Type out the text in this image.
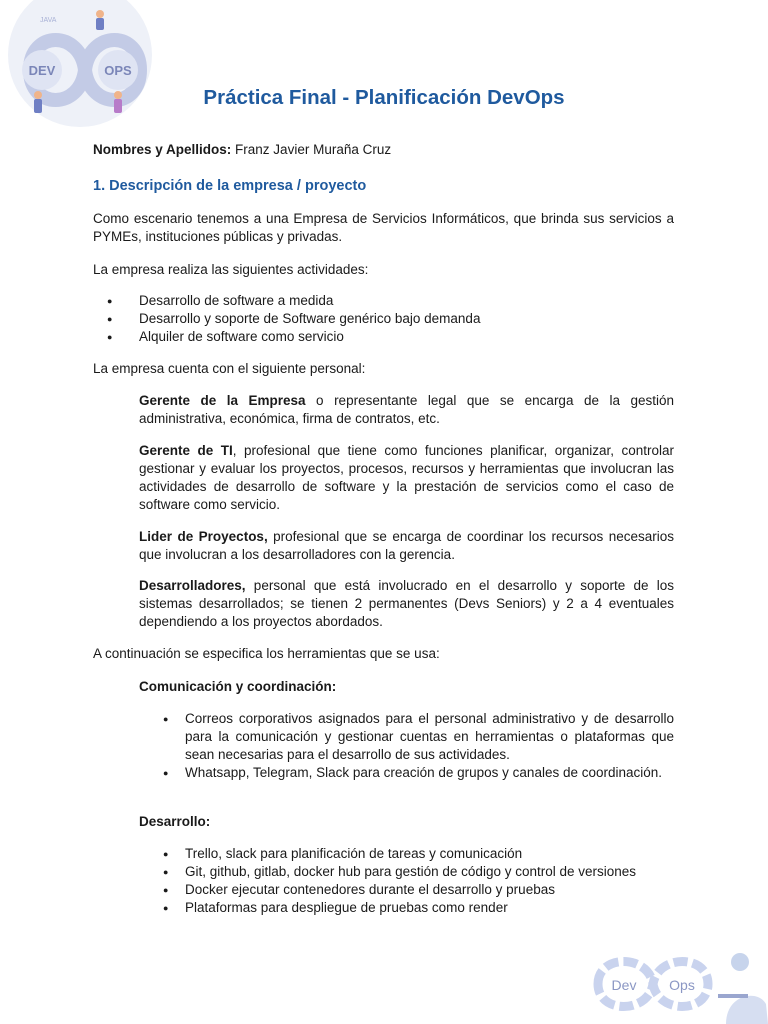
DEV	OPS
JAVA
Práctica Final - Planificación DevOps
Nombres y Apellidos: Franz Javier Muraña Cruz
1. Descripción de la empresa / proyecto

Como escenario tenemos a una Empresa de Servicios Informáticos, que brinda sus servicios a PYMEs, instituciones públicas y privadas.

La empresa realiza las siguientes actividades:
● Desarrollo de software a medida
● Desarrollo y soporte de Software genérico bajo demanda
● Alquiler de software como servicio
La empresa cuenta con el siguiente personal:
Gerente de la Empresa o representante legal que se encarga de la gestión administrativa, económica, firma de contratos, etc.
Gerente de TI, profesional que tiene como funciones planificar, organizar, controlar gestionar y evaluar los proyectos, procesos, recursos y herramientas que involucran las actividades de desarrollo de software y la prestación de servicios como el caso de software como servicio.
Lider de Proyectos, profesional que se encarga de coordinar los recursos necesarios que involucran a los desarrolladores con la gerencia.
Desarrolladores, personal que está involucrado en el desarrollo y soporte de los sistemas desarrollados; se tienen 2 permanentes (Devs Seniors) y 2 a 4 eventuales dependiendo a los proyectos abordados.
A continuación se especifica los herramientas que se usa:
Comunicación y coordinación:
● Correos corporativos asignados para el personal administrativo y de desarrollo para la comunicación y gestionar cuentas en herramientas o plataformas que sean necesarias para el desarrollo de sus actividades.
● Whatsapp, Telegram, Slack para creación de grupos y canales de coordinación.
Desarrollo:
● Trello, slack para planificación de tareas y comunicación
● Git, github, gitlab, docker hub para gestión de código y control de versiones
● Docker ejecutar contenedores durante el desarrollo y pruebas
● Plataformas para despliegue de pruebas como render
Dev Ops
